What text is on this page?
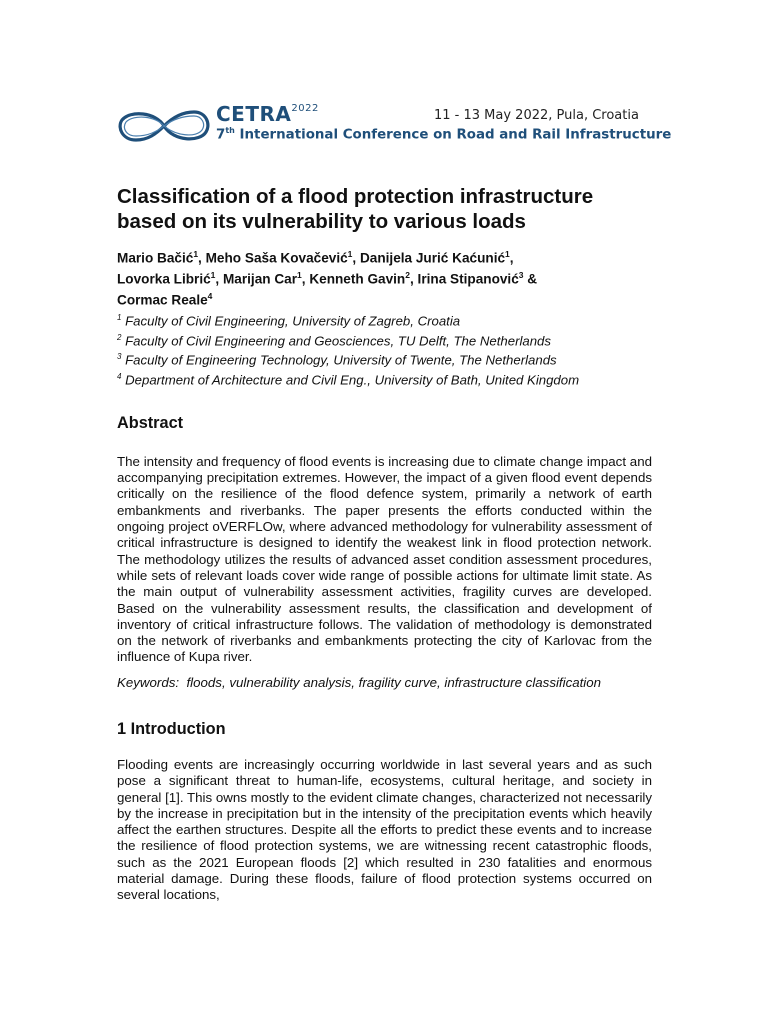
$CETRA^{2022}$
7th International Conference on Road and Rail Infrastructure
11 - 13 May 2022, Pula, Croatia
Classification of a flood protection infrastructure
based on its vulnerability to various loads
Mario Bačić$^1$, Meho Saša Kovačević$^1$, Danijela Jurić Kaćunić$^1$,
Lovorka Librić$^1$, Marijan Car$^1$, Kenneth Gavin$^2$, Irina Stipanović$^3$ &
Cormac Reale$^4$
$^1$ Faculty of Civil Engineering, University of Zagreb, Croatia
$^2$ Faculty of Civil Engineering and Geosciences, TU Delft, The Netherlands
$^3$ Faculty of Engineering Technology, University of Twente, The Netherlands
$^4$ Department of Architecture and Civil Eng., University of Bath, United Kingdom
Abstract

The intensity and frequency of flood events is increasing due to climate change impact and accompanying precipitation extremes. However, the impact of a given flood event depends critically on the resilience of the flood defence system, primarily a network of earth embankments and riverbanks. The paper presents the efforts conducted within the ongoing project oVERFLOw, where advanced methodology for vulnerability assessment of critical infrastructure is designed to identify the weakest link in flood protection network. The methodology utilizes the results of advanced asset condition assessment procedures, while sets of relevant loads cover wide range of possible actions for ultimate limit state. As the main output of vulnerability assessment activities, fragility curves are developed. Based on the vulnerability assessment results, the classification and development of inventory of critical infrastructure follows. The validation of methodology is demonstrated on the network of riverbanks and embankments protecting the city of Karlovac from the influence of Kupa river.

Keywords: floods, vulnerability analysis, fragility curve, infrastructure classification
1 Introduction

Flooding events are increasingly occurring worldwide in last several years and as such pose a significant threat to human-life, ecosystems, cultural heritage, and society in general [1]. This owns mostly to the evident climate changes, characterized not necessarily by the increase in precipitation but in the intensity of the precipitation events which heavily affect the earthen structures. Despite all the efforts to predict these events and to increase the resilience of flood protection systems, we are witnessing recent catastrophic floods, such as the 2021 European floods [2] which resulted in 230 fatalities and enormous material damage. During these floods, failure of flood protection systems occurred on several locations,
